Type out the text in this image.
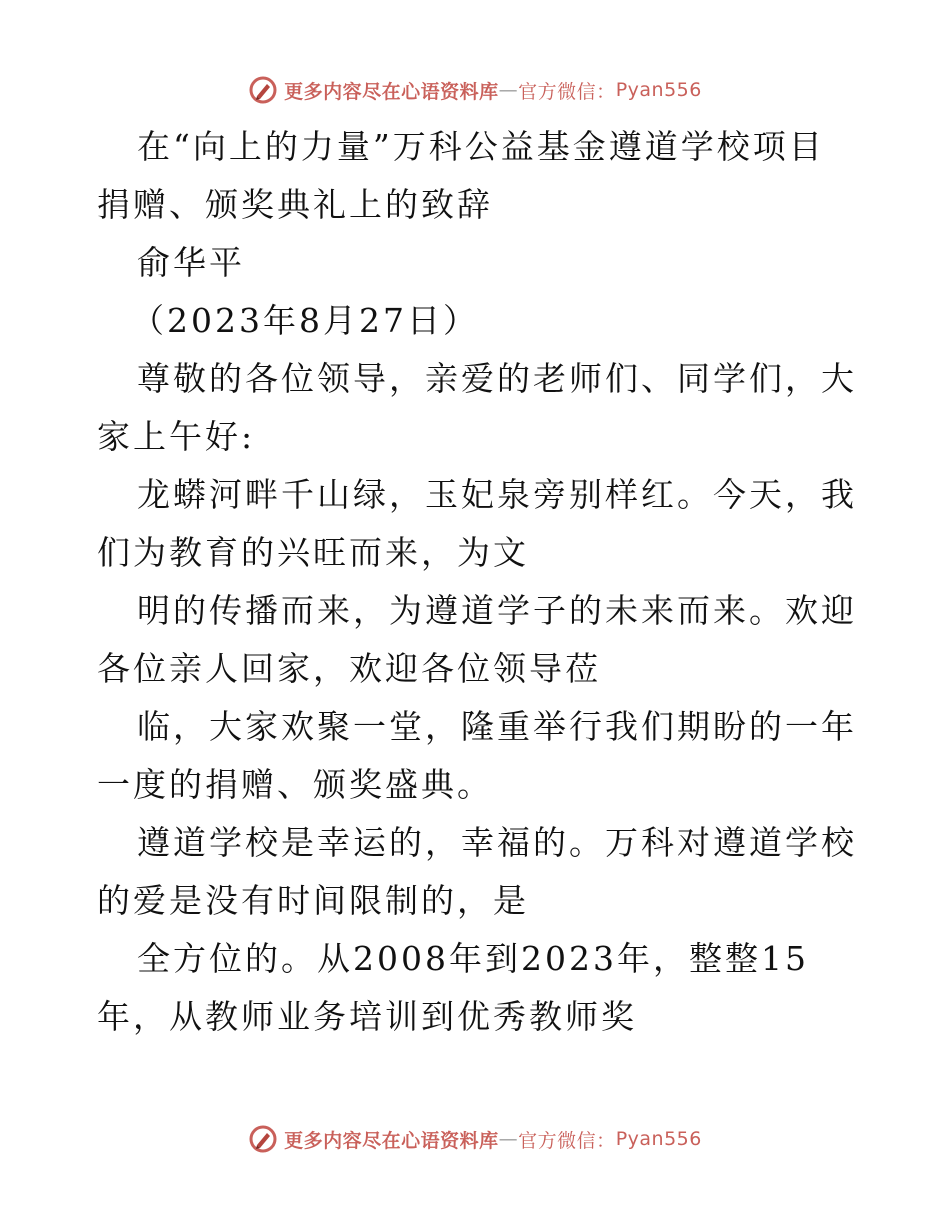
更多内容尽在心语资料库 — 官方微信： Pyan556

在“向上的力量”万科公益基金遵道学校项目捐赠、颁奖典礼上的致辞

俞华平

（2023年8月27日）

尊敬的各位领导，亲爱的老师们、同学们，大家上午好:

龙蟒河畔千山绿，玉妃泉旁别样红。今天，我们为教育的兴旺而来，为文

明的传播而来，为遵道学子的未来而来。欢迎各位亲人回家，欢迎各位领导莅

临，大家欢聚一堂，隆重举行我们期盼的一年一度的捐赠、颁奖盛典。

遵道学校是幸运的，幸福的。万科对遵道学校的爱是没有时间限制的，是

全方位的。从2008年到2023年，整整15年，从教师业务培训到优秀教师奖

更多内容尽在心语资料库 — 官方微信： Pyan556
